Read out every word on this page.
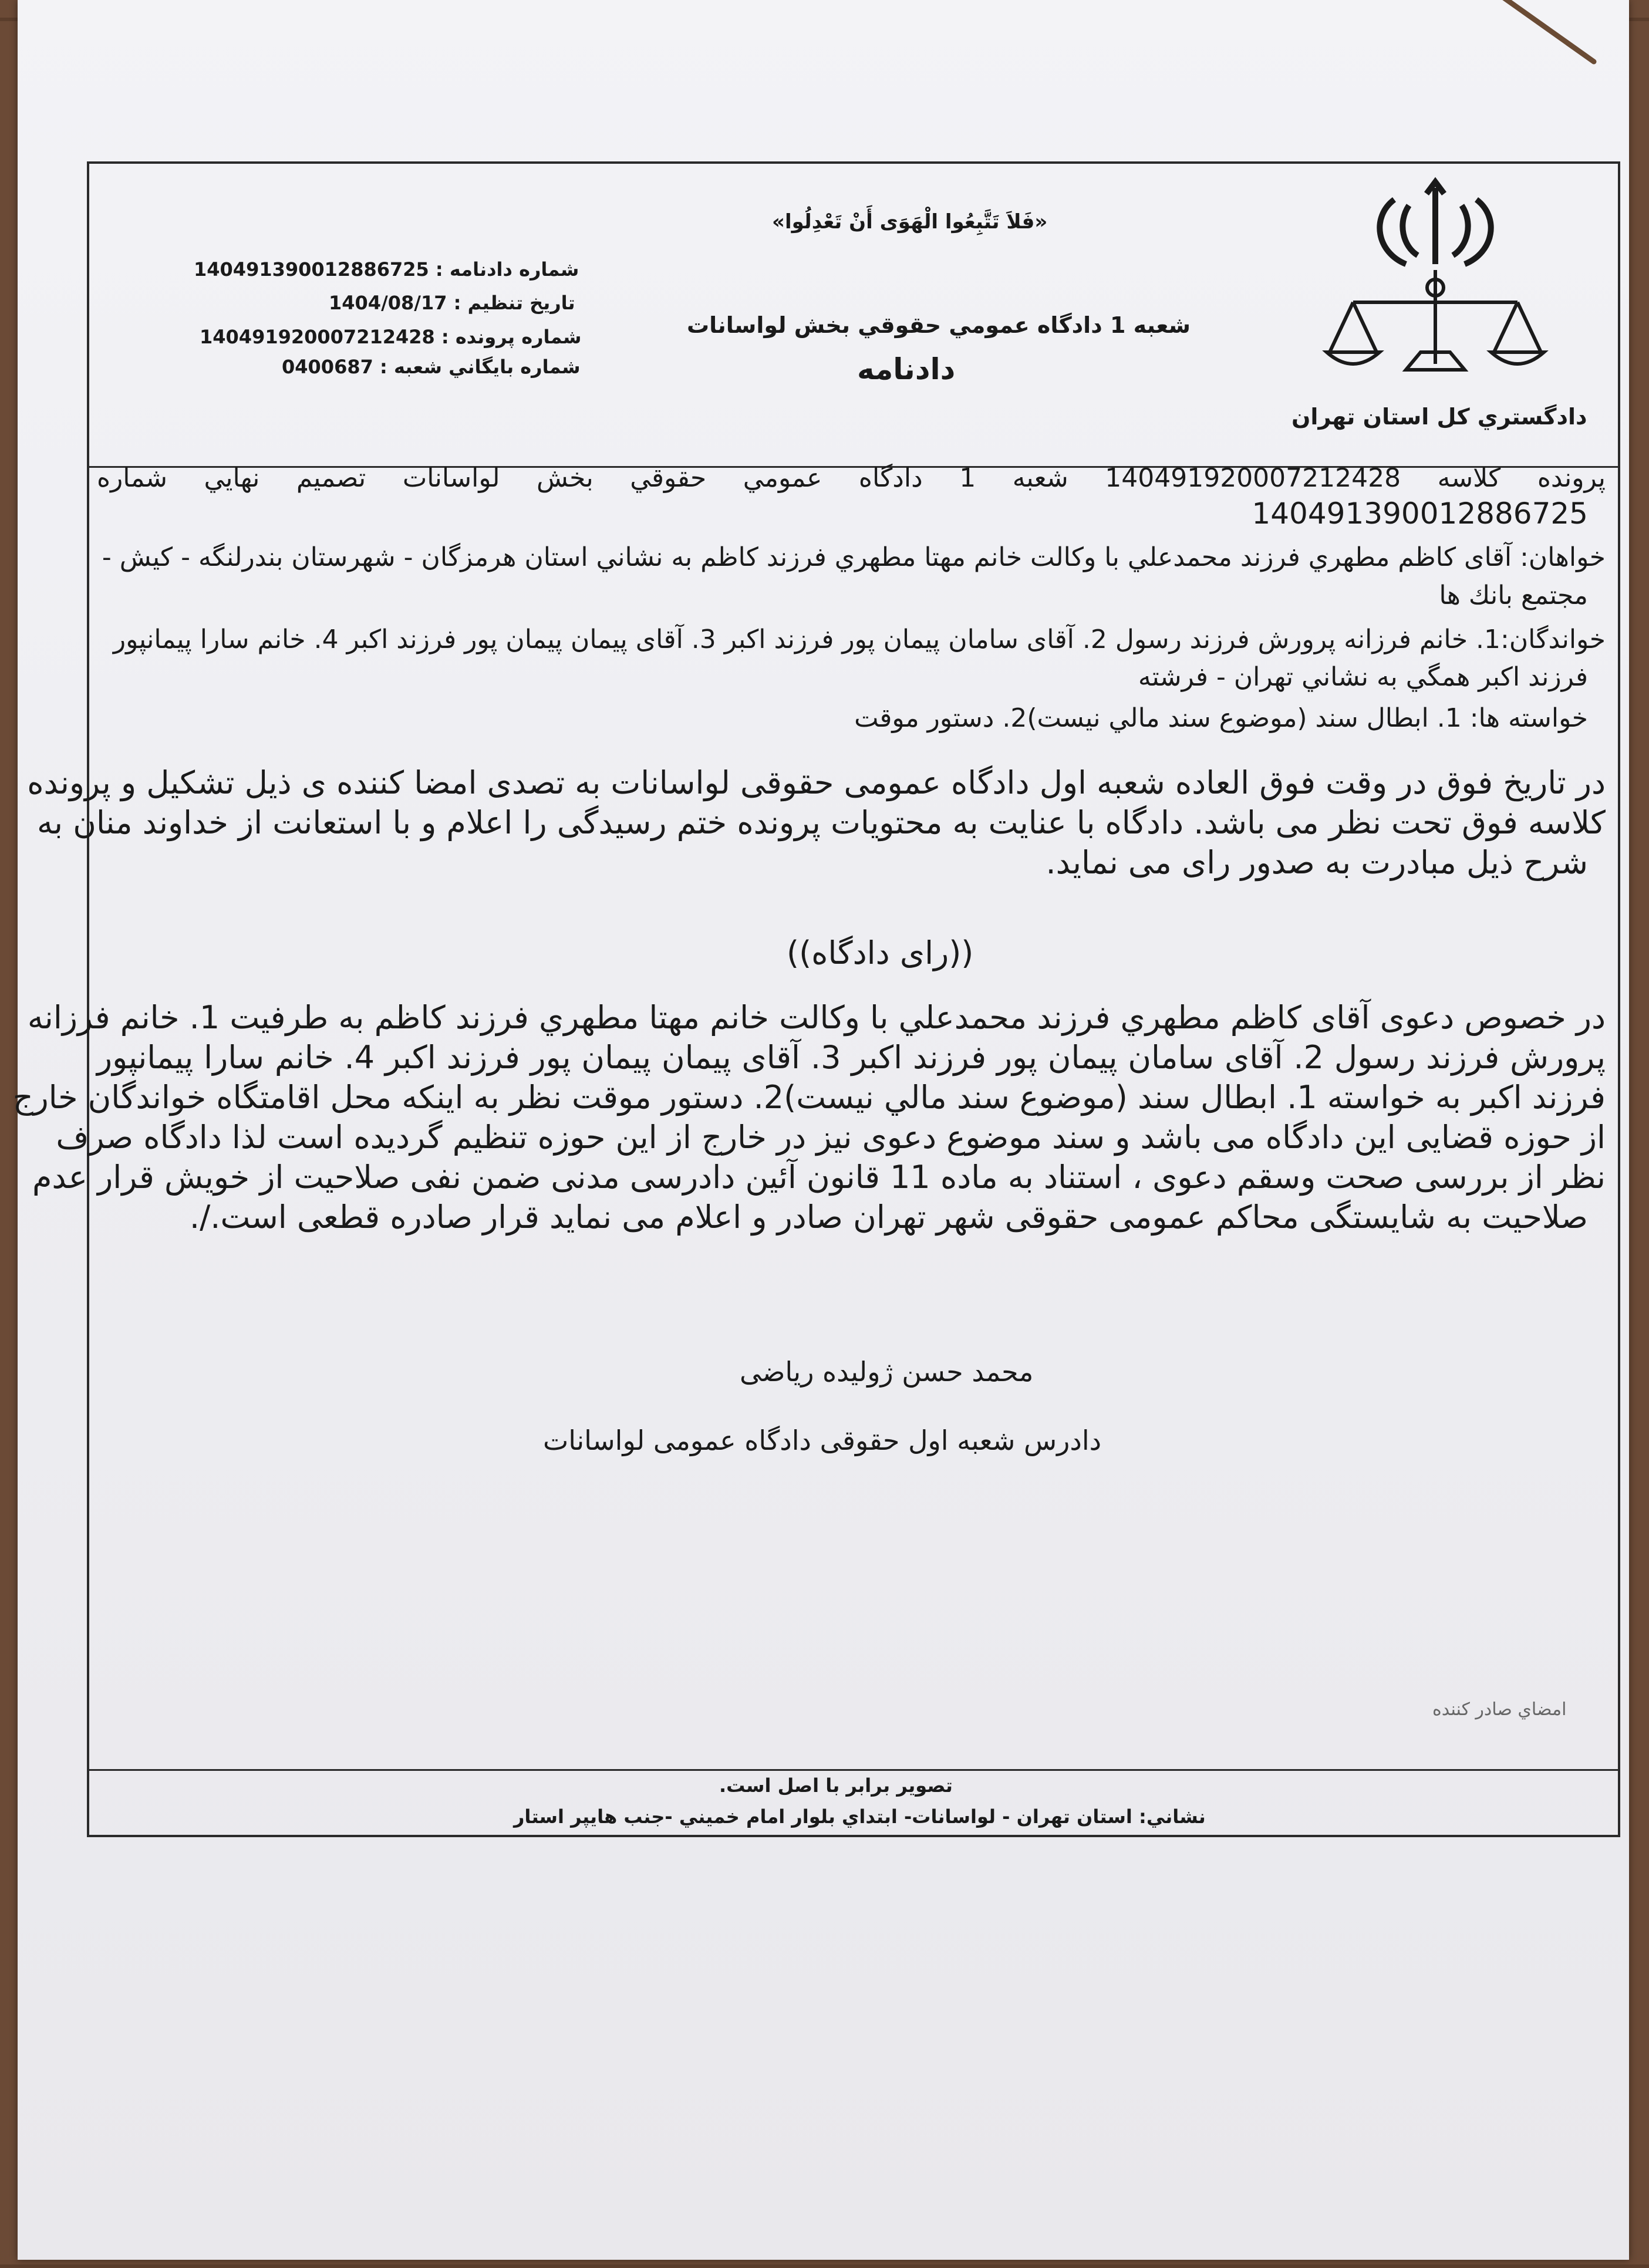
دادگستري كل استان تهران
«فَلاَ تَتَّبِعُوا الْهَوَى أَنْ تَعْدِلُوا»
شعبه 1 دادگاه عمومي حقوقي بخش لواسانات
دادنامه
شماره دادنامه : 140491390012886725
تاريخ تنظيم : 1404/08/17
شماره پرونده : 140491920007212428
شماره بايگاني شعبه : 0400687
پرونده كلاسه 140491920007212428 شعبه 1 دادگاه عمومي حقوقي بخش لواسانات تصميم نهايي شماره
140491390012886725
خواهان: آقای كاظم مطهري فرزند محمدعلي با وكالت خانم مهتا مطهري فرزند كاظم به نشاني استان هرمزگان - شهرستان بندرلنگه - كيش -
مجتمع بانك ها
خواندگان:1. خانم فرزانه پرورش فرزند رسول 2. آقای سامان پيمان پور فرزند اكبر 3. آقای پيمان پيمان پور فرزند اكبر 4. خانم سارا پيمانپور
فرزند اكبر همگي به نشاني تهران - فرشته
خواسته ها: 1. ابطال سند (موضوع سند مالي نيست)2. دستور موقت
در تاریخ فوق در وقت فوق العاده شعبه اول دادگاه عمومی حقوقی لواسانات به تصدی امضا کننده ی ذیل تشکیل و پرونده
کلاسه فوق تحت نظر می باشد. دادگاه با عنایت به محتویات پرونده ختم رسیدگی را اعلام و با استعانت از خداوند منان به
شرح ذیل مبادرت به صدور رای می نماید.
((رای دادگاه))
در خصوص دعوی آقای کاظم مطهري فرزند محمدعلي با وكالت خانم مهتا مطهري فرزند كاظم به طرفیت 1. خانم فرزانه
پرورش فرزند رسول 2. آقای سامان پيمان پور فرزند اكبر 3. آقای پيمان پيمان پور فرزند اكبر 4. خانم سارا پيمانپور
فرزند اكبر به خواسته 1. ابطال سند (موضوع سند مالي نيست)2. دستور موقت نظر به اینکه محل اقامتگاه خواندگان خارج
از حوزه قضایی این دادگاه می باشد و سند موضوع دعوی نیز در خارج از این حوزه تنظیم گردیده است لذا دادگاه صرف
نظر از بررسی صحت وسقم دعوی ، استناد به ماده 11 قانون آئین دادرسی مدنی ضمن نفی صلاحیت از خویش قرار عدم
صلاحیت به شایستگی محاکم عمومی حقوقی شهر تهران صادر و اعلام می نماید قرار صادره قطعی است./.
محمد حسن ژولیده ریاضی
دادرس شعبه اول حقوقی دادگاه عمومی لواسانات
امضاي صادر كننده
تصوير برابر با اصل است.
نشاني: استان تهران - لواسانات- ابتداي بلوار امام خميني -جنب هايپر استار
